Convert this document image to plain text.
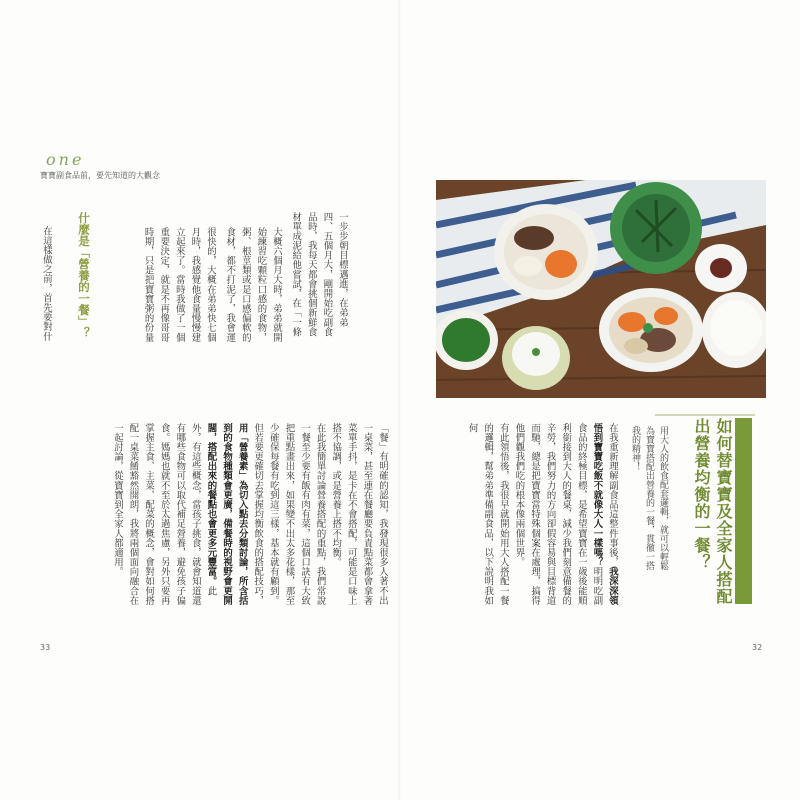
one
寶寶副食品前，要先知道的大觀念

一步步朝目標邁進，在弟弟四、五個月大，剛開始吃副食品時，我每天都會挑個新鮮食材單成泥給他嘗試，在「一條

大概六個月大時，弟弟就開始練習吃顆粒口感的食物，粥、根莖類或是口感偏軟的食材，都不打泥了，我會運

很快的，大概在弟弟快七個月時，我感覺他食量慢慢建立起來了。當時我做了一個重要決定，就是不再像哥哥時期，只是把寶寶粥的份量

什麼是「營養的一餐」？

在這樣做之前，首先要對什

33
如何替寶寶及全家人搭配出營養均衡的一餐？
用大人的飲食配套邏輯，就可以輕鬆為寶寶搭配出營養的一餐，貫徹一搭我的精神！

在我重新理解副食品這整件事後，我深深領悟到寶寶吃飯不就像大人一樣嗎？明明吃副食品的終極目標，是希望寶寶在一歲後能順利銜接到大人的餐桌，減少我們刻意備餐的辛勞，我們努力的方向卻假容易與目標背道而馳，總是把寶寶當特殊個案在處理，搞得他們觀我們吃的根本像兩個世界。

有此領悟後，我很早就開始用大人搭配一餐的邏輯，幫弟弟準備副食品，以下說明我如何

「餐」有明確的認知，我發現很多人著不出一桌菜，甚至連在餐廳要負責點菜都會拿著菜單手抖，是卡在不會搭配，可能是口味上搭不協調，或是營養上搭不均衡。

在此我簡單討論營養搭配的重點，我們常說一餐至少要有飯有肉有菜，這個口訣有大致把重點畫出來，如果變不出太多花樣，那至少確保每餐有吃到這三樣，基本就有顧到。

但若要更確切去掌握均衡飲食的搭配技巧，用「營養素」為切入點去分類討論，所含括到的食物種類會更廣，備餐時的視野會更開闊，搭配出來的餐點也會更多元豐富。此外，有這些概念，當孩子挑食，就會知道還有哪些食物可以取代補足營養，避免孩子偏食。媽媽也就不至於太過焦慮，另外只要再掌握主食、主菜、配菜的概念，會對如何搭配一桌菜餚豁然開朗，我將兩個面向融合在一起討論，從寶寶到全家人都適用。

32
